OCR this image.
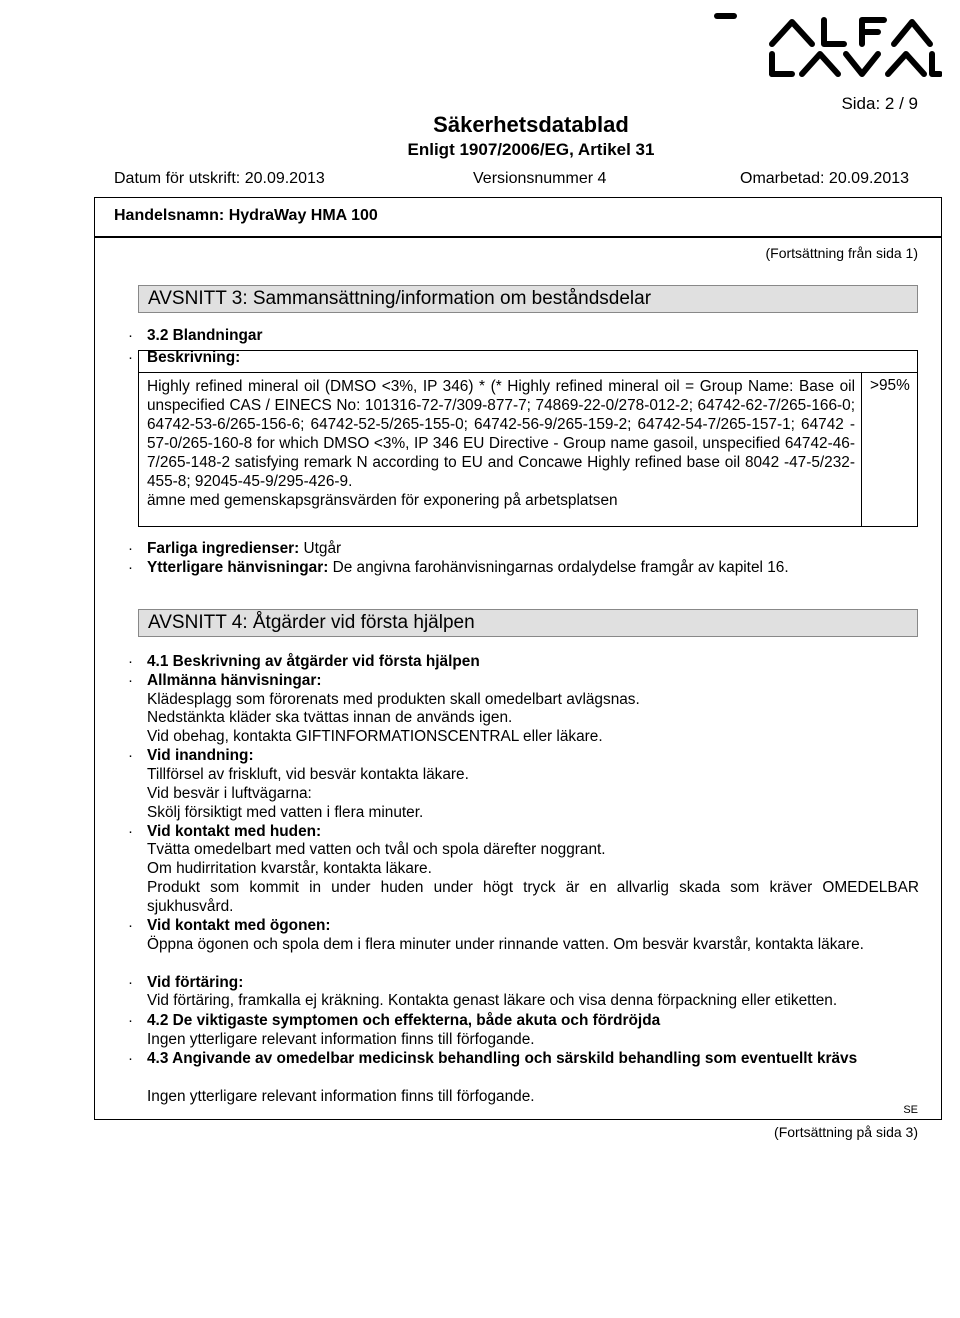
Sida: 2 / 9
Säkerhetsdatablad
Enligt 1907/2006/EG, Artikel 31
Datum för utskrift: 20.09.2013	Versionsnummer 4	Omarbetad: 20.09.2013
Handelsnamn: HydraWay HMA 100
(Fortsättning från sida 1)
AVSNITT 3: Sammansättning/information om beståndsdelar
· 3.2 Blandningar
Highly refined mineral oil (DMSO <3%, IP 346) * (* Highly refined mineral oil = Group Name: Base oil unspecified CAS / EINECS No: 101316-72-7/309-877-7; 74869-22-0/278-012-2; 64742-62-7/265-166-0; 64742-53-6/265-156-6; 64742-52-5/265-155-0; 64742-56-9/265-159-2; 64742-54-7/265-157-1; 64742 - 57-0/265-160-8 for which DMSO <3%, IP 346 EU Directive - Group name gasoil, unspecified 64742-46-7/265-148-2 satisfying remark N according to EU and Concawe Highly refined base oil 8042 -47-5/232-455-8; 92045-45-9/295-426-9.
ämne med gemenskapsgränsvärden för exponering på arbetsplatsen
>95%
· Beskrivning:
· Farliga ingredienser: Utgår
· Ytterligare hänvisningar: De angivna farohänvisningarnas ordalydelse framgår av kapitel 16.
AVSNITT 4: Åtgärder vid första hjälpen
· 4.1 Beskrivning av åtgärder vid första hjälpen
· Allmänna hänvisningar:
Klädesplagg som förorenats med produkten skall omedelbart avlägsnas.
Nedstänkta kläder ska tvättas innan de används igen.
Vid obehag, kontakta GIFTINFORMATIONSCENTRAL eller läkare.
· Vid inandning:
Tillförsel av friskluft, vid besvär kontakta läkare.
Vid besvär i luftvägarna:
Skölj försiktigt med vatten i flera minuter.
· Vid kontakt med huden:
Tvätta omedelbart med vatten och tvål och spola därefter noggrant.
Om hudirritation kvarstår, kontakta läkare.
Produkt som kommit in under huden under högt tryck är en allvarlig skada som kräver OMEDELBAR sjukhusvård.
· Vid kontakt med ögonen:
Öppna ögonen och spola dem i flera minuter under rinnande vatten. Om besvär kvarstår, kontakta läkare.
· Vid förtäring:
Vid förtäring, framkalla ej kräkning. Kontakta genast läkare och visa denna förpackning eller etiketten.
· 4.2 De viktigaste symptomen och effekterna, både akuta och fördröjda
Ingen ytterligare relevant information finns till förfogande.
· 4.3 Angivande av omedelbar medicinsk behandling och särskild behandling som eventuellt krävs
Ingen ytterligare relevant information finns till förfogande.
SE
(Fortsättning på sida 3)
